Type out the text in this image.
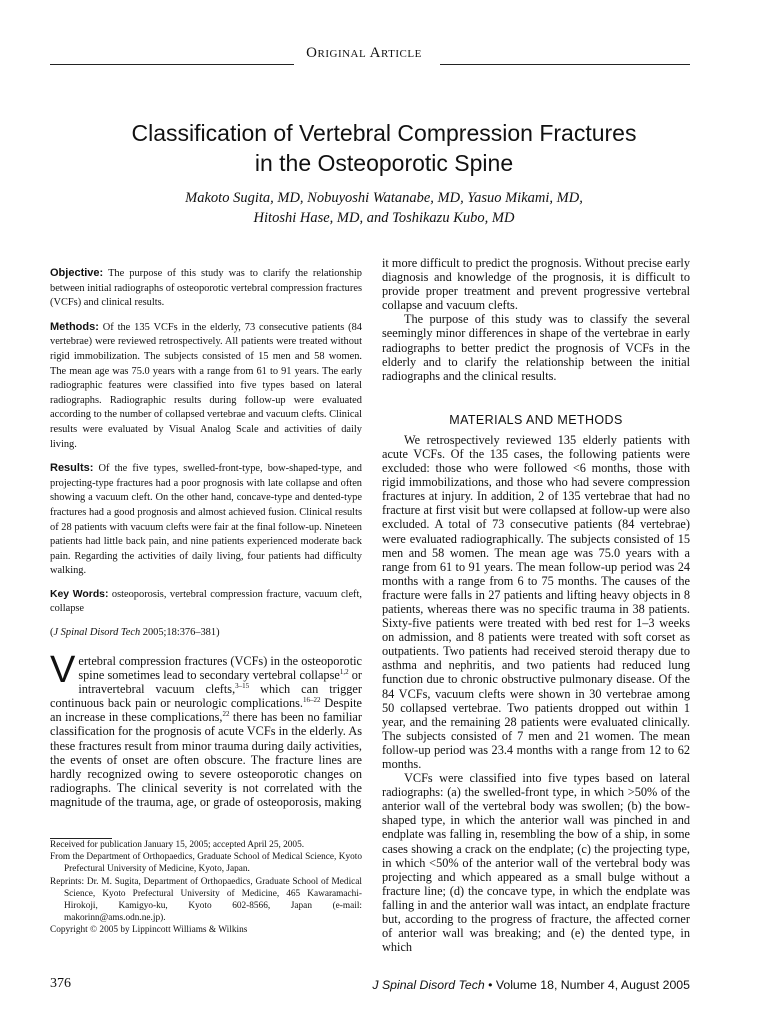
Original Article
Classification of Vertebral Compression Fractures
in the Osteoporotic Spine
Makoto Sugita, MD, Nobuyoshi Watanabe, MD, Yasuo Mikami, MD,
Hitoshi Hase, MD, and Toshikazu Kubo, MD

Objective: The purpose of this study was to clarify the relationship between initial radiographs of osteoporotic vertebral compression fractures (VCFs) and clinical results.

Methods: Of the 135 VCFs in the elderly, 73 consecutive patients (84 vertebrae) were reviewed retrospectively. All patients were treated without rigid immobilization. The subjects consisted of 15 men and 58 women. The mean age was 75.0 years with a range from 61 to 91 years. The early radiographic features were classified into five types based on lateral radiographs. Radiographic results during follow-up were evaluated according to the number of collapsed vertebrae and vacuum clefts. Clinical results were evaluated by Visual Analog Scale and activities of daily living.

Results: Of the five types, swelled-front-type, bow-shaped-type, and projecting-type fractures had a poor prognosis with late collapse and often showing a vacuum cleft. On the other hand, concave-type and dented-type fractures had a good prognosis and almost achieved fusion. Clinical results of 28 patients with vacuum clefts were fair at the final follow-up. Nineteen patients had little back pain, and nine patients experienced moderate back pain. Regarding the activities of daily living, four patients had difficulty walking.

Key Words: osteoporosis, vertebral compression fracture, vacuum cleft, collapse

(J Spinal Disord Tech 2005;18:376–381)

Vertebral compression fractures (VCFs) in the osteoporotic spine sometimes lead to secondary vertebral collapse$^{1,2}$ or intravertebral vacuum clefts,$^{3-15}$ which can trigger continuous back pain or neurologic complications.$^{16-22}$ Despite an increase in these complications,$^{22}$ there has been no familiar classification for the prognosis of acute VCFs in the elderly. As these fractures result from minor trauma during daily activities, the events of onset are often obscure. The fracture lines are hardly recognized owing to severe osteoporotic changes on radiographs. The clinical severity is not correlated with the magnitude of the trauma, age, or grade of osteoporosis, making

Received for publication January 15, 2005; accepted April 25, 2005.

From the Department of Orthopaedics, Graduate School of Medical Science, Kyoto Prefectural University of Medicine, Kyoto, Japan.

Reprints: Dr. M. Sugita, Department of Orthopaedics, Graduate School of Medical Science, Kyoto Prefectural University of Medicine, 465 Kawaramachi-Hirokoji, Kamigyo-ku, Kyoto 602-8566, Japan (e-mail: makorinn@ams.odn.ne.jp).

Copyright © 2005 by Lippincott Williams & Wilkins

it more difficult to predict the prognosis. Without precise early diagnosis and knowledge of the prognosis, it is difficult to provide proper treatment and prevent progressive vertebral collapse and vacuum clefts.

The purpose of this study was to classify the several seemingly minor differences in shape of the vertebrae in early radiographs to better predict the prognosis of VCFs in the elderly and to clarify the relationship between the initial radiographs and the clinical results.

MATERIALS AND METHODS

We retrospectively reviewed 135 elderly patients with acute VCFs. Of the 135 cases, the following patients were excluded: those who were followed <6 months, those with rigid immobilizations, and those who had severe compression fractures at injury. In addition, 2 of 135 vertebrae that had no fracture at first visit but were collapsed at follow-up were also excluded. A total of 73 consecutive patients (84 vertebrae) were evaluated radiographically. The subjects consisted of 15 men and 58 women. The mean age was 75.0 years with a range from 61 to 91 years. The mean follow-up period was 24 months with a range from 6 to 75 months. The causes of the fracture were falls in 27 patients and lifting heavy objects in 8 patients, whereas there was no specific trauma in 38 patients. Sixty-five patients were treated with bed rest for 1–3 weeks on admission, and 8 patients were treated with soft corset as outpatients. Two patients had received steroid therapy due to asthma and nephritis, and two patients had reduced lung function due to chronic obstructive pulmonary disease. Of the 84 VCFs, vacuum clefts were shown in 30 vertebrae among 50 collapsed vertebrae. Two patients dropped out within 1 year, and the remaining 28 patients were evaluated clinically. The subjects consisted of 7 men and 21 women. The mean follow-up period was 23.4 months with a range from 12 to 62 months.

VCFs were classified into five types based on lateral radiographs: (a) the swelled-front type, in which >50% of the anterior wall of the vertebral body was swollen; (b) the bow-shaped type, in which the anterior wall was pinched in and endplate was falling in, resembling the bow of a ship, in some cases showing a crack on the endplate; (c) the projecting type, in which <50% of the anterior wall of the vertebral body was projecting and which appeared as a small bulge without a fracture line; (d) the concave type, in which the endplate was falling in and the anterior wall was intact, an endplate fracture but, according to the progress of fracture, the affected corner of anterior wall was breaking; and (e) the dented type, in which

376	J Spinal Disord Tech • Volume 18, Number 4, August 2005
